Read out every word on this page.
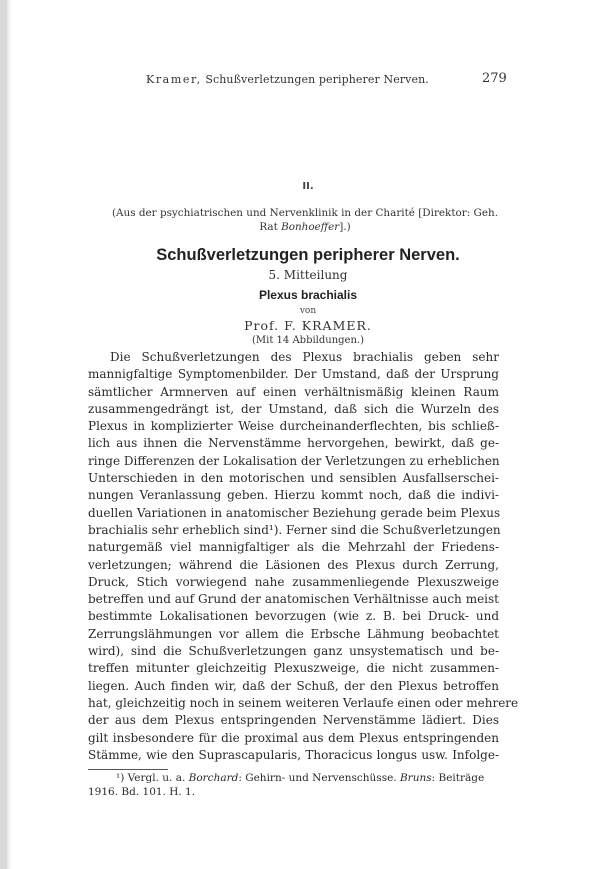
Kramer, Schußverletzungen peripherer Nerven.	279
II.
(Aus der psychiatrischen und Nervenklinik in der Charité [Direktor: Geh.
Rat Bonhoeffer].)
Schußverletzungen peripherer Nerven.
5. Mitteilung
Plexus brachialis
von
Prof. F. KRAMER.
(Mit 14 Abbildungen.)
Die Schußverletzungen des Plexus brachialis geben sehr
mannigfaltige Symptomenbilder. Der Umstand, daß der Ursprung
sämtlicher Armnerven auf einen verhältnismäßig kleinen Raum
zusammengedrängt ist, der Umstand, daß sich die Wurzeln des
Plexus in komplizierter Weise durcheinanderflechten, bis schließ-
lich aus ihnen die Nervenstämme hervorgehen, bewirkt, daß ge-
ringe Differenzen der Lokalisation der Verletzungen zu erheblichen
Unterschieden in den motorischen und sensiblen Ausfallserschei-
nungen Veranlassung geben. Hierzu kommt noch, daß die indivi-
duellen Variationen in anatomischer Beziehung gerade beim Plexus
brachialis sehr erheblich sind¹). Ferner sind die Schußverletzungen
naturgemäß viel mannigfaltiger als die Mehrzahl der Friedens-
verletzungen; während die Läsionen des Plexus durch Zerrung,
Druck, Stich vorwiegend nahe zusammenliegende Plexuszweige
betreffen und auf Grund der anatomischen Verhältnisse auch meist
bestimmte Lokalisationen bevorzugen (wie z. B. bei Druck- und
Zerrungslähmungen vor allem die Erbsche Lähmung beobachtet
wird), sind die Schußverletzungen ganz unsystematisch und be-
treffen mitunter gleichzeitig Plexuszweige, die nicht zusammen-
liegen. Auch finden wir, daß der Schuß, der den Plexus betroffen
hat, gleichzeitig noch in seinem weiteren Verlaufe einen oder mehrere
der aus dem Plexus entspringenden Nervenstämme lädiert. Dies
gilt insbesondere für die proximal aus dem Plexus entspringenden
Stämme, wie den Suprascapularis, Thoracicus longus usw. Infolge-
¹) Vergl. u. a. Borchard: Gehirn- und Nervenschüsse. Bruns: Beiträge
1916. Bd. 101. H. 1.
